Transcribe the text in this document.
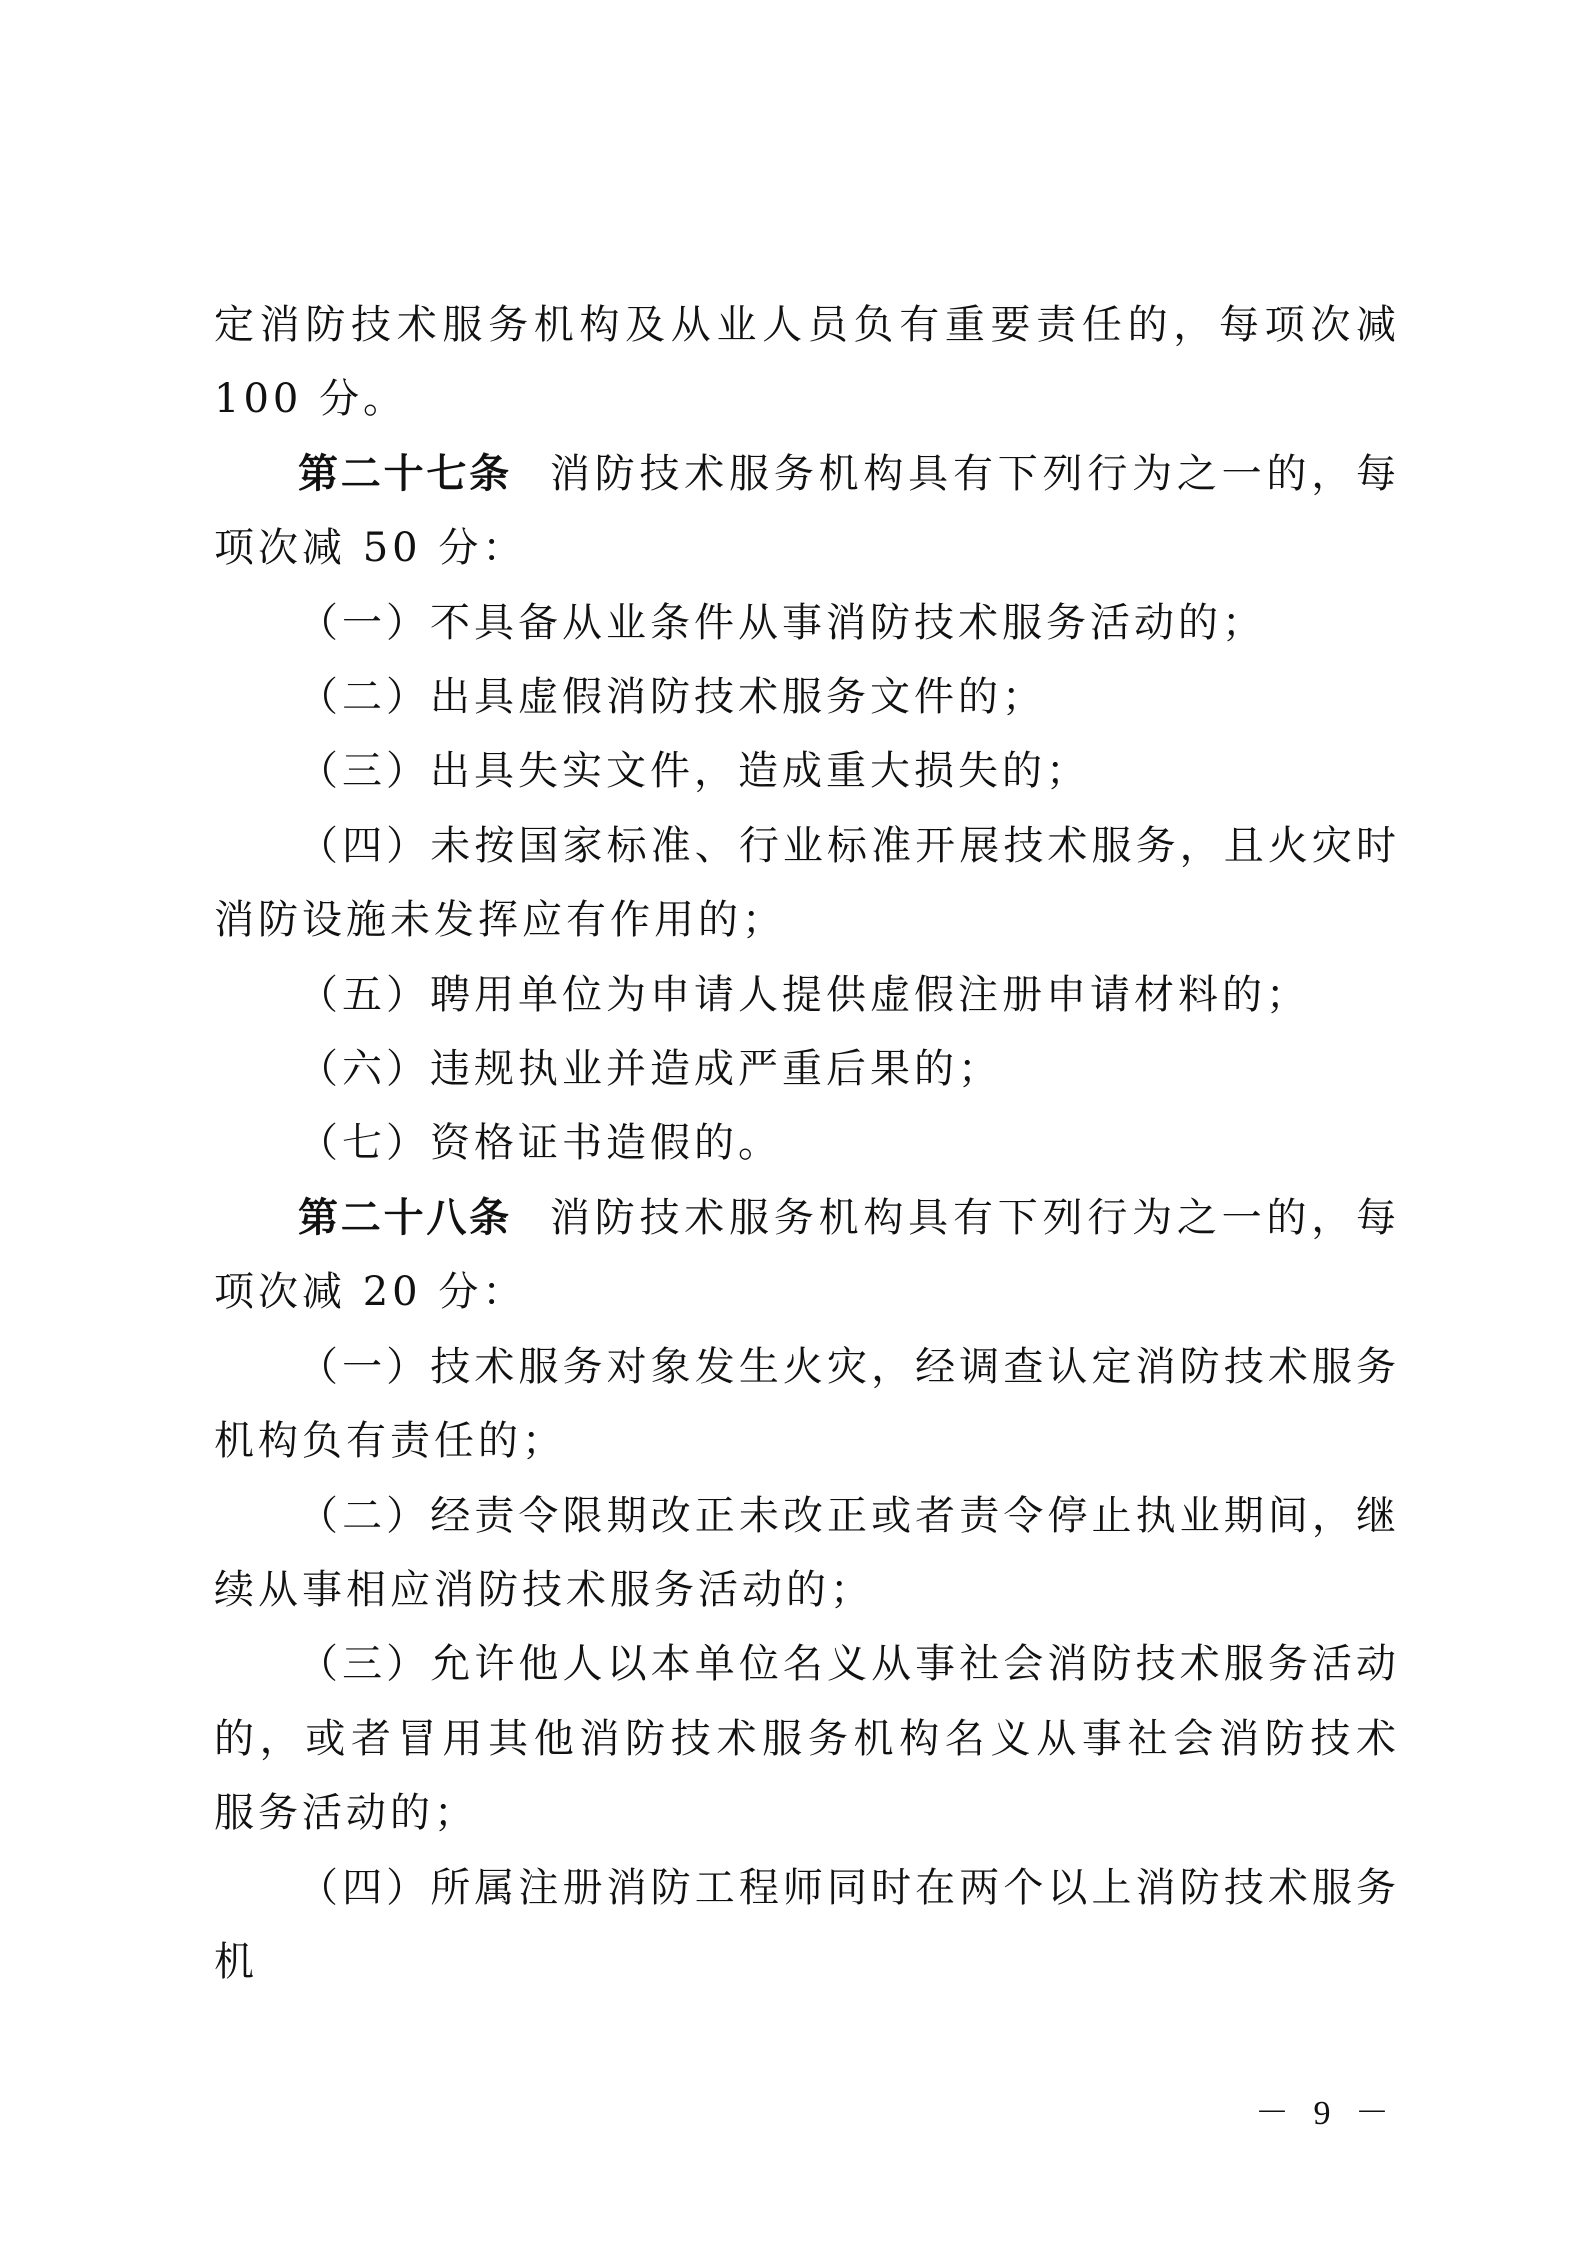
定消防技术服务机构及从业人员负有重要责任的，每项次减 100 分。

第二十七条 消防技术服务机构具有下列行为之一的，每项次减 50 分：

（一）不具备从业条件从事消防技术服务活动的；

（二）出具虚假消防技术服务文件的；

（三）出具失实文件，造成重大损失的；

（四）未按国家标准、行业标准开展技术服务，且火灾时消防设施未发挥应有作用的；

（五）聘用单位为申请人提供虚假注册申请材料的；

（六）违规执业并造成严重后果的；

（七）资格证书造假的。

第二十八条 消防技术服务机构具有下列行为之一的，每项次减 20 分：

（一）技术服务对象发生火灾，经调查认定消防技术服务机构负有责任的；

（二）经责令限期改正未改正或者责令停止执业期间，继续从事相应消防技术服务活动的；

（三）允许他人以本单位名义从事社会消防技术服务活动的，或者冒用其他消防技术服务机构名义从事社会消防技术服务活动的；

（四）所属注册消防工程师同时在两个以上消防技术服务机

－ 9 －
